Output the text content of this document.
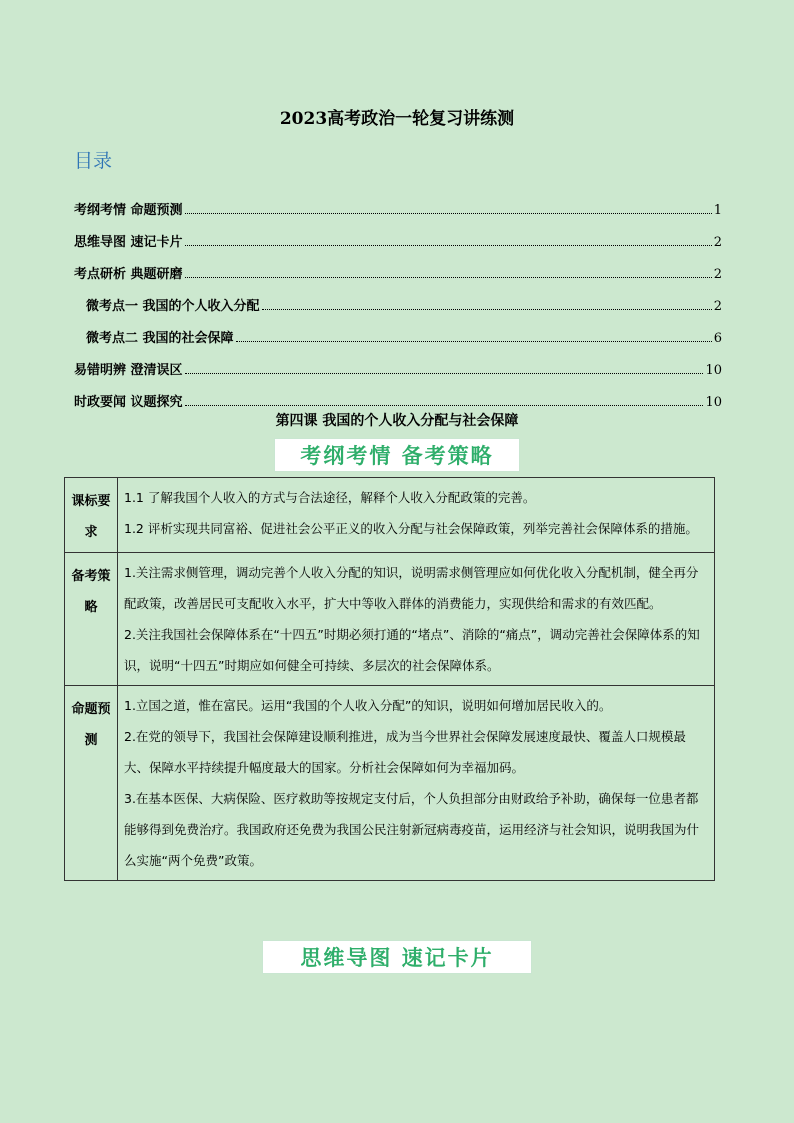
2023高考政治一轮复习讲练测
目录
考纲考情 命题预测	1
思维导图 速记卡片	2
考点研析 典题研磨	2
微考点一 我国的个人收入分配	2
微考点二 我国的社会保障	6
易错明辨 澄清误区	10
时政要闻 议题探究	10
第四课 我国的个人收入分配与社会保障
考纲考情 备考策略
课标要求	1.1 了解我国个人收入的方式与合法途径，解释个人收入分配政策的完善。

1.2 评析实现共同富裕、促进社会公平正义的收入分配与社会保障政策，列举完善社会保障体系的措施。

备考策略	1.关注需求侧管理，调动完善个人收入分配的知识，说明需求侧管理应如何优化收入分配机制，健全再分配政策，改善居民可支配收入水平，扩大中等收入群体的消费能力，实现供给和需求的有效匹配。

2.关注我国社会保障体系在“十四五”时期必须打通的“堵点”、消除的“痛点”，调动完善社会保障体系的知识，说明“十四五”时期应如何健全可持续、多层次的社会保障体系。

命题预测	1.立国之道，惟在富民。运用“我国的个人收入分配”的知识，说明如何增加居民收入的。

2.在党的领导下，我国社会保障建设顺利推进，成为当今世界社会保障发展速度最快、覆盖人口规模最大、保障水平持续提升幅度最大的国家。分析社会保障如何为幸福加码。

3.在基本医保、大病保险、医疗救助等按规定支付后，个人负担部分由财政给予补助，确保每一位患者都能够得到免费治疗。我国政府还免费为我国公民注射新冠病毒疫苗，运用经济与社会知识，说明我国为什么实施“两个免费”政策。

思维导图 速记卡片
